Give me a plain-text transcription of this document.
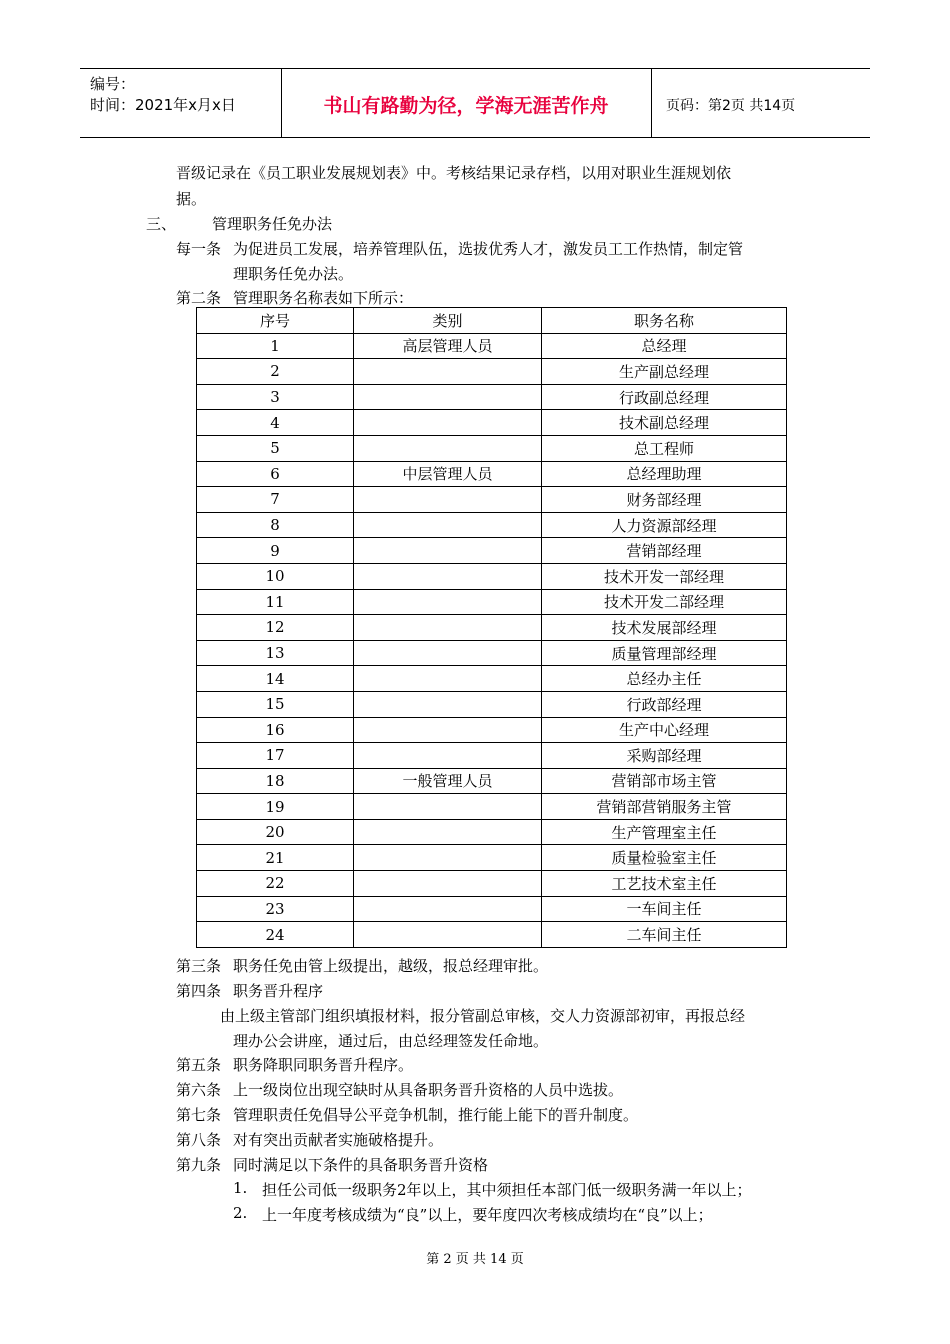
编号：
时间：2021年x月x日	书山有路勤为径，学海无涯苦作舟	页码：第2页 共14页
晋级记录在《员工职业发展规划表》中。考核结果记录存档，以用对职业生涯规划依
据。
三、 管理职务任免办法
每一条 为促进员工发展，培养管理队伍，选拔优秀人才，激发员工工作热情，制定管
理职务任免办法。
第二条 管理职务名称表如下所示：
序号	类别	职务名称
1	高层管理人员	总经理
2		生产副总经理
3		行政副总经理
4		技术副总经理
5		总工程师
6	中层管理人员	总经理助理
7		财务部经理
8		人力资源部经理
9		营销部经理
10		技术开发一部经理
11		技术开发二部经理
12		技术发展部经理
13		质量管理部经理
14		总经办主任
15		行政部经理
16		生产中心经理
17		采购部经理
18	一般管理人员	营销部市场主管
19		营销部营销服务主管
20		生产管理室主任
21		质量检验室主任
22		工艺技术室主任
23		一车间主任
24		二车间主任
第三条 职务任免由管上级提出，越级，报总经理审批。
第四条 职务晋升程序
由上级主管部门组织填报材料，报分管副总审核，交人力资源部初审，再报总经
理办公会讲座，通过后，由总经理签发任命地。
第五条 职务降职同职务晋升程序。
第六条 上一级岗位出现空缺时从具备职务晋升资格的人员中选拔。
第七条 管理职责任免倡导公平竞争机制，推行能上能下的晋升制度。
第八条 对有突出贡献者实施破格提升。
第九条 同时满足以下条件的具备职务晋升资格
1. 担任公司低一级职务2年以上，其中须担任本部门低一级职务满一年以上；
2. 上一年度考核成绩为“良”以上，要年度四次考核成绩均在“良”以上；
第 2 页 共 14 页
